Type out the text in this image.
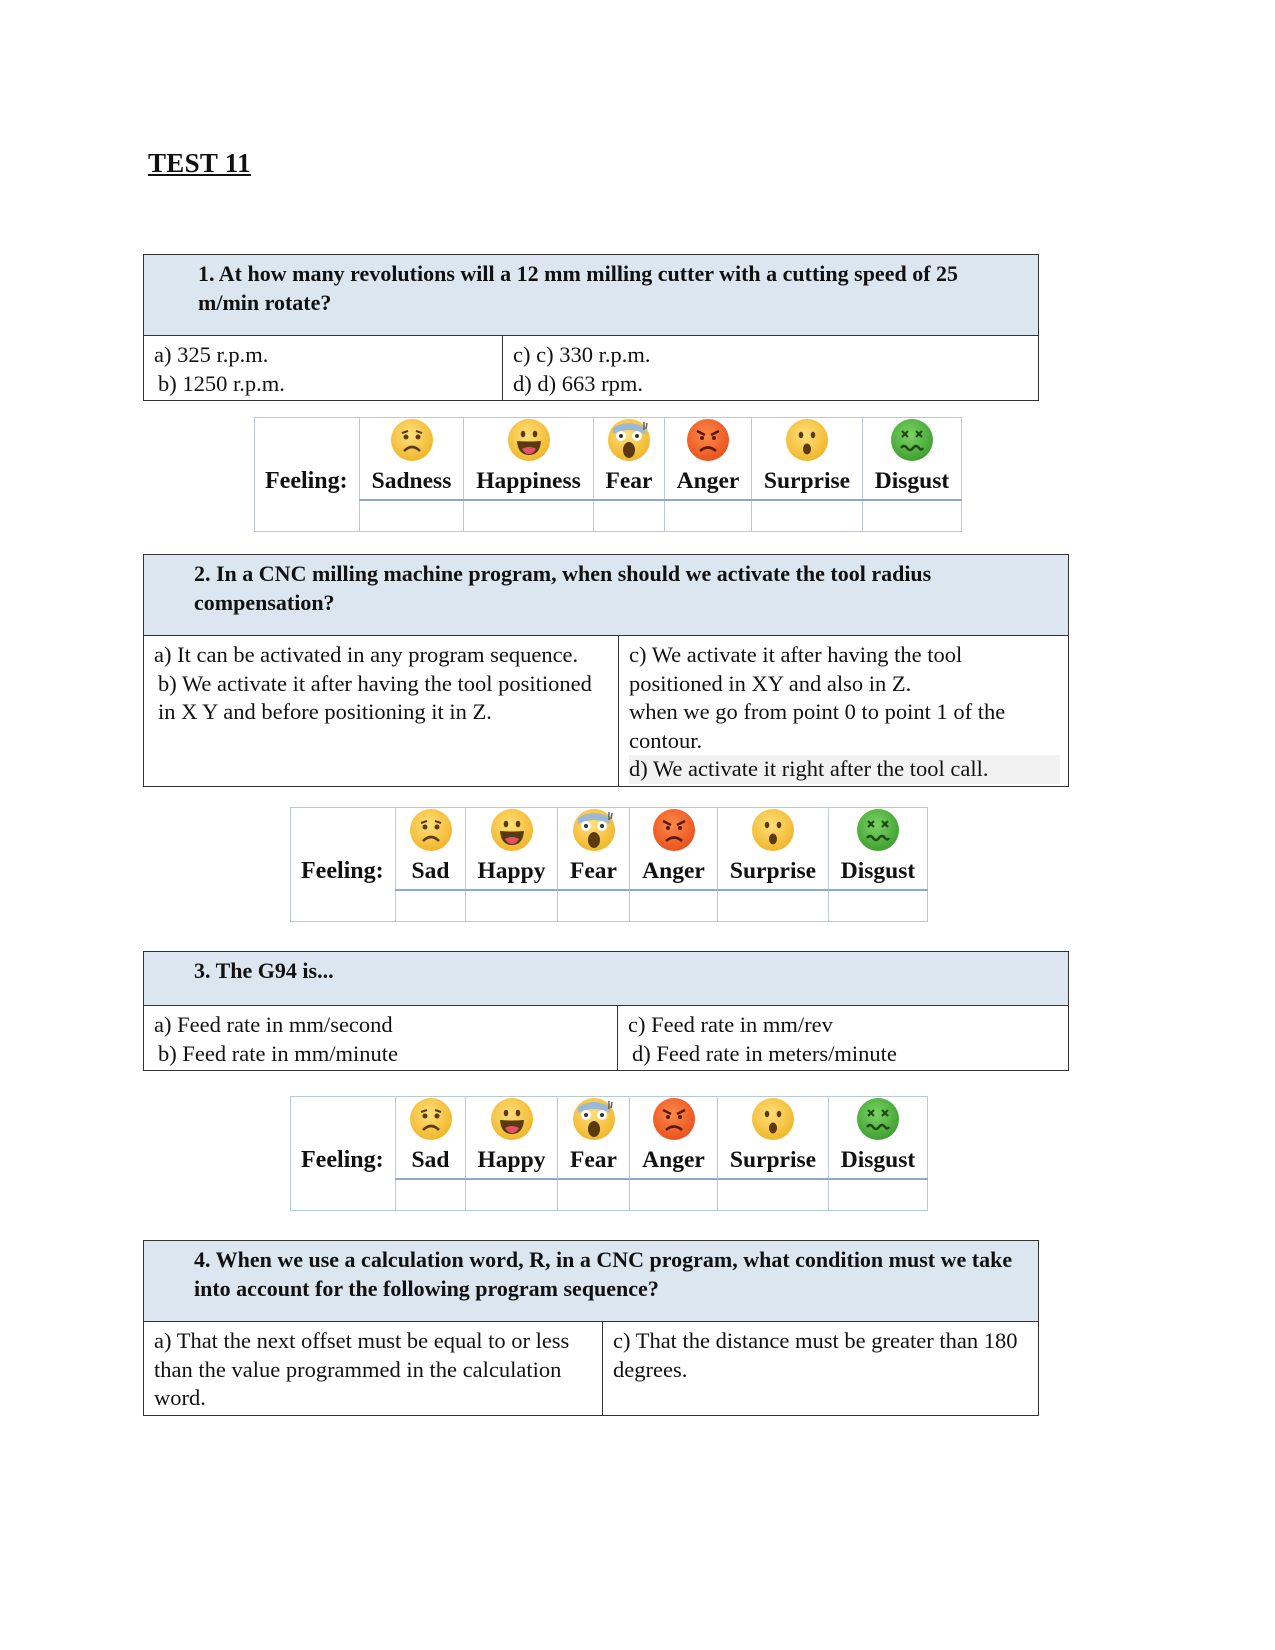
TEST 11
1. At how many revolutions will a 12 mm milling cutter with a cutting speed of 25 m/min rotate?

a) 325 r.p.m.

b) 1250 r.p.m.

c) c) 330 r.p.m.

d) d) 663 rpm.

Feeling:	Sadness	Happiness	Fear	Anger	Surprise	Disgust

2. In a CNC milling machine program, when should we activate the tool radius compensation?

a) It can be activated in any program sequence.

b) We activate it after having the tool positioned in X Y and before positioning it in Z.

c) We activate it after having the tool positioned in XY and also in Z.

when we go from point 0 to point 1 of the contour.

d) We activate it right after the tool call.

Feeling:	Sad	Happy	Fear	Anger	Surprise	Disgust

3. The G94 is...

a) Feed rate in mm/second

b) Feed rate in mm/minute

c) Feed rate in mm/rev

d) Feed rate in meters/minute

Feeling:	Sad	Happy	Fear	Anger	Surprise	Disgust

4. When we use a calculation word, R, in a CNC program, what condition must we take into account for the following program sequence?

a) That the next offset must be equal to or less than the value programmed in the calculation word.

c) That the distance must be greater than 180 degrees.
